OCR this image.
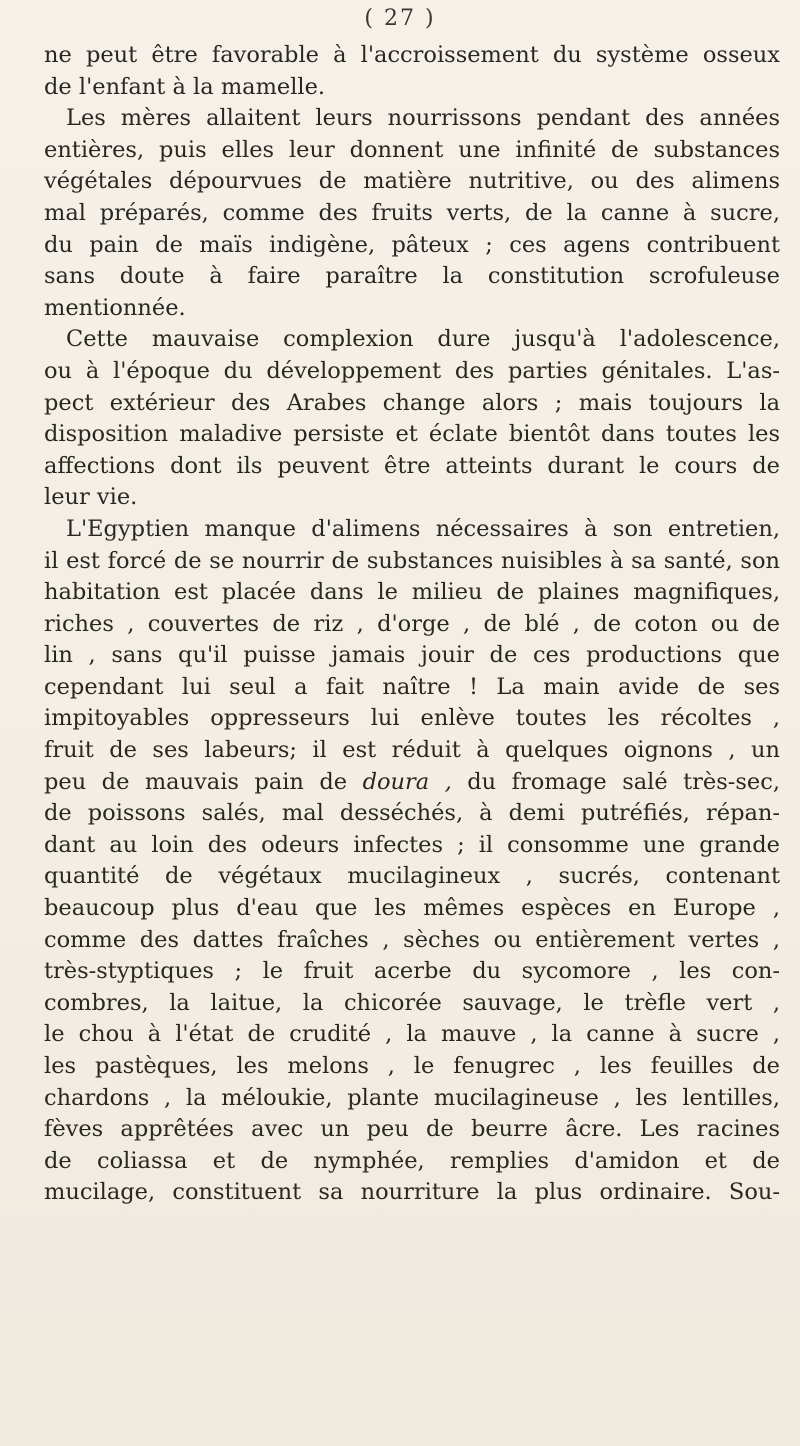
( 27 )
ne peut être favorable à l'accroissement du système osseux
de l'enfant à la mamelle.
Les mères allaitent leurs nourrissons pendant des années
entières, puis elles leur donnent une infinité de substances
végétales dépourvues de matière nutritive, ou des alimens
mal préparés, comme des fruits verts, de la canne à sucre,
du pain de maïs indigène, pâteux ; ces agens contribuent
sans doute à faire paraître la constitution scrofuleuse
mentionnée.
Cette mauvaise complexion dure jusqu'à l'adolescence,
ou à l'époque du développement des parties génitales. L'as-
pect extérieur des Arabes change alors ; mais toujours la
disposition maladive persiste et éclate bientôt dans toutes les
affections dont ils peuvent être atteints durant le cours de
leur vie.
L'Egyptien manque d'alimens nécessaires à son entretien,
il est forcé de se nourrir de substances nuisibles à sa santé, son
habitation est placée dans le milieu de plaines magnifiques,
riches , couvertes de riz , d'orge , de blé , de coton ou de
lin , sans qu'il puisse jamais jouir de ces productions que
cependant lui seul a fait naître ! La main avide de ses
impitoyables oppresseurs lui enlève toutes les récoltes ,
fruit de ses labeurs; il est réduit à quelques oignons , un
peu de mauvais pain de doura , du fromage salé très-sec,
de poissons salés, mal desséchés, à demi putréfiés, répan-
dant au loin des odeurs infectes ; il consomme une grande
quantité de végétaux mucilagineux , sucrés, contenant
beaucoup plus d'eau que les mêmes espèces en Europe ,
comme des dattes fraîches , sèches ou entièrement vertes ,
très-styptiques ; le fruit acerbe du sycomore , les con-
combres, la laitue, la chicorée sauvage, le trèfle vert ,
le chou à l'état de crudité , la mauve , la canne à sucre ,
les pastèques, les melons , le fenugrec , les feuilles de
chardons , la méloukie, plante mucilagineuse , les lentilles,
fèves apprêtées avec un peu de beurre âcre. Les racines
de coliassa et de nymphée, remplies d'amidon et de
mucilage, constituent sa nourriture la plus ordinaire. Sou-
